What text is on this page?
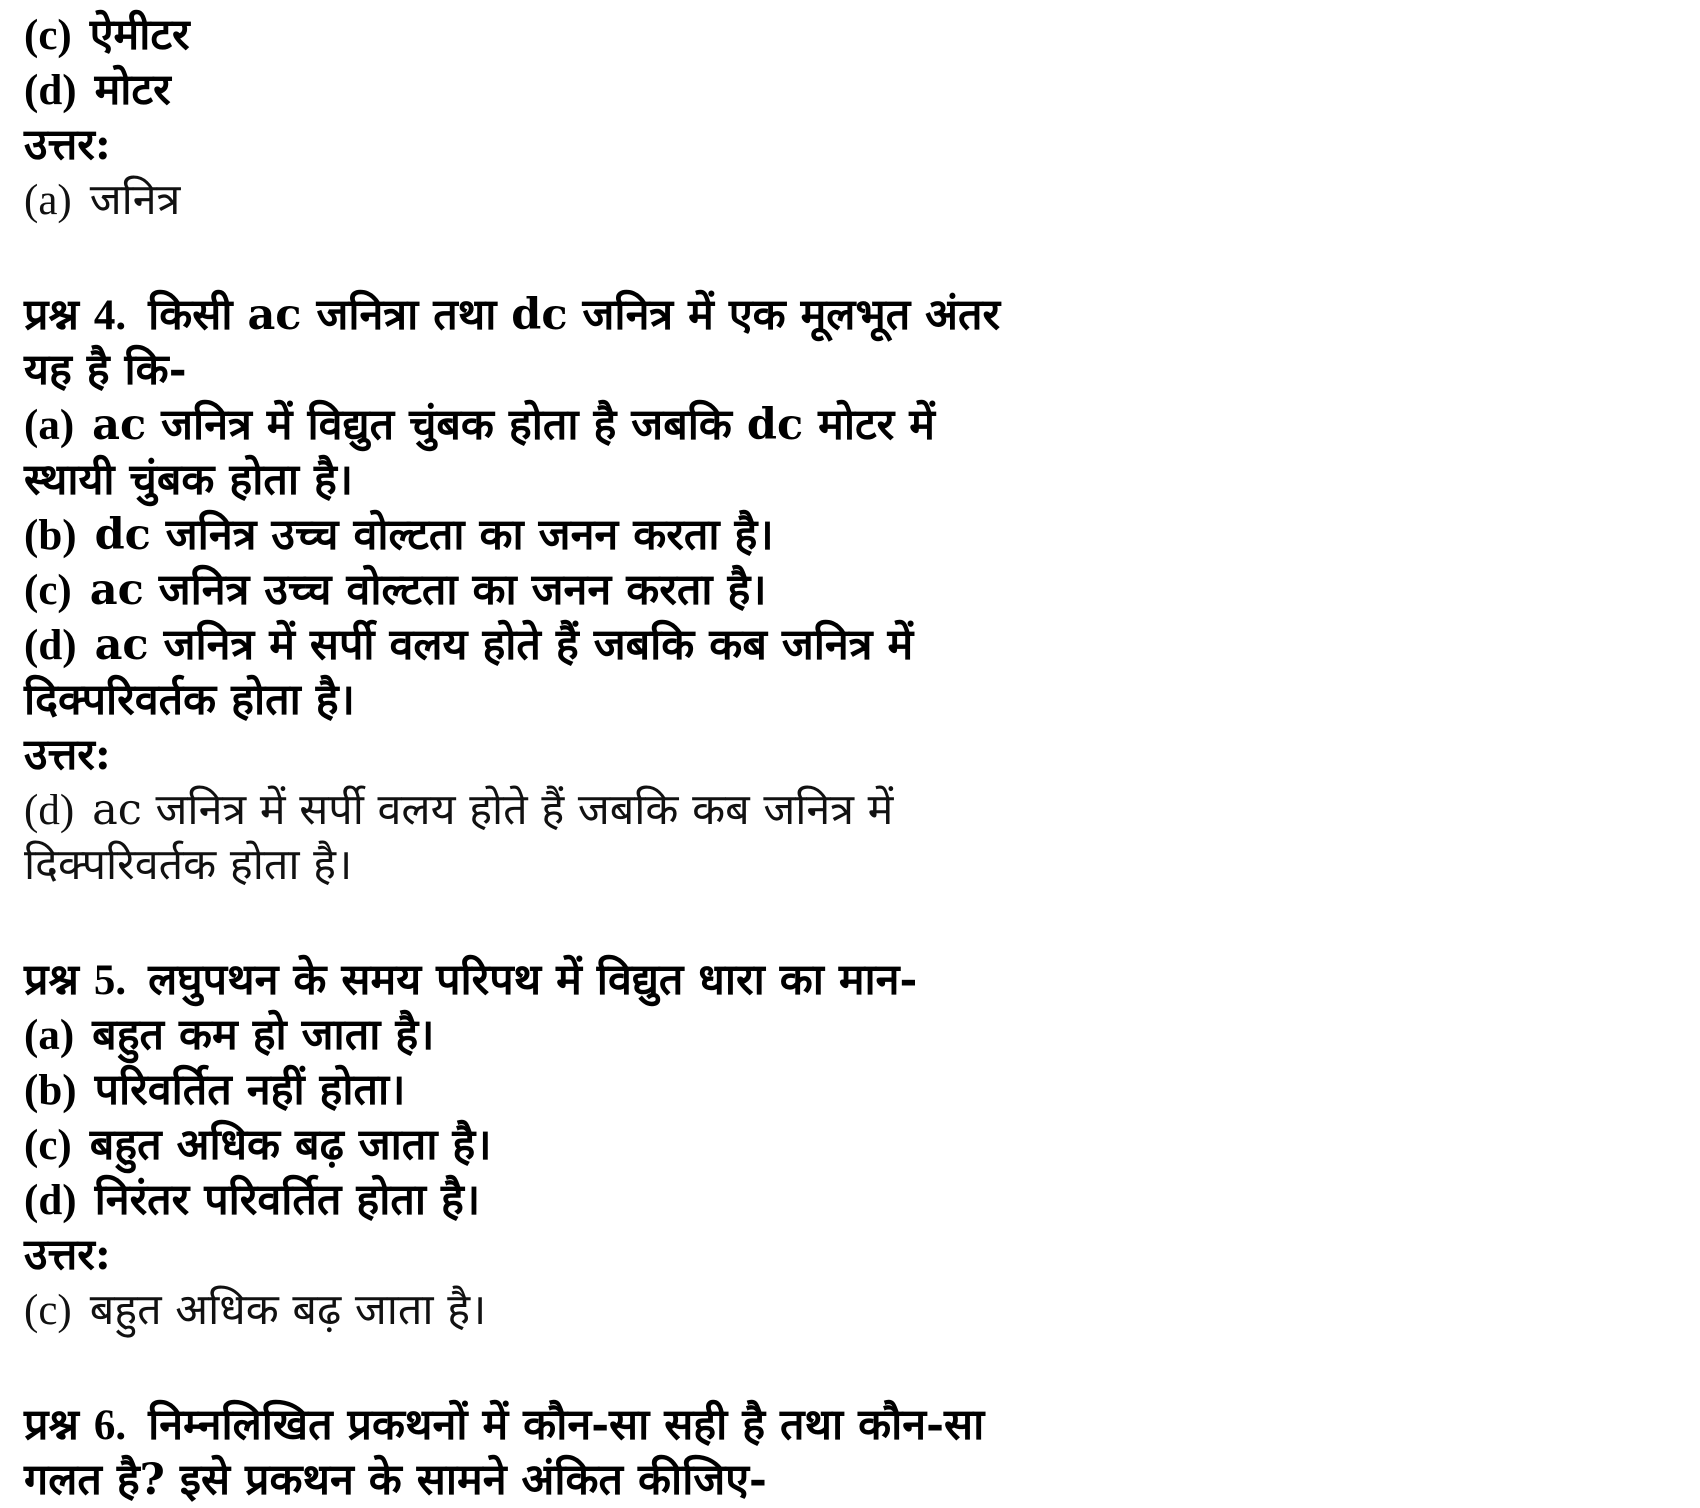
(c) ऐमीटर
(d) मोटर
उत्तर:
(a) जनित्र
प्रश्न 4. किसी ac जनित्रा तथा dc जनित्र में एक मूलभूत अंतर
यह है कि-
(a) ac जनित्र में विद्युत चुंबक होता है जबकि dc मोटर में
स्थायी चुंबक होता है।
(b) dc जनित्र उच्च वोल्टता का जनन करता है।
(c) ac जनित्र उच्च वोल्टता का जनन करता है।
(d) ac जनित्र में सर्पी वलय होते हैं जबकि कब जनित्र में
दिक्परिवर्तक होता है।
उत्तर:
(d) ac जनित्र में सर्पी वलय होते हैं जबकि कब जनित्र में
दिक्परिवर्तक होता है।
प्रश्न 5. लघुपथन के समय परिपथ में विद्युत धारा का मान-
(a) बहुत कम हो जाता है।
(b) परिवर्तित नहीं होता।
(c) बहुत अधिक बढ़ जाता है।
(d) निरंतर परिवर्तित होता है।
उत्तर:
(c) बहुत अधिक बढ़ जाता है।
प्रश्न 6. निम्नलिखित प्रकथनों में कौन-सा सही है तथा कौन-सा
गलत है? इसे प्रकथन के सामने अंकित कीजिए-
